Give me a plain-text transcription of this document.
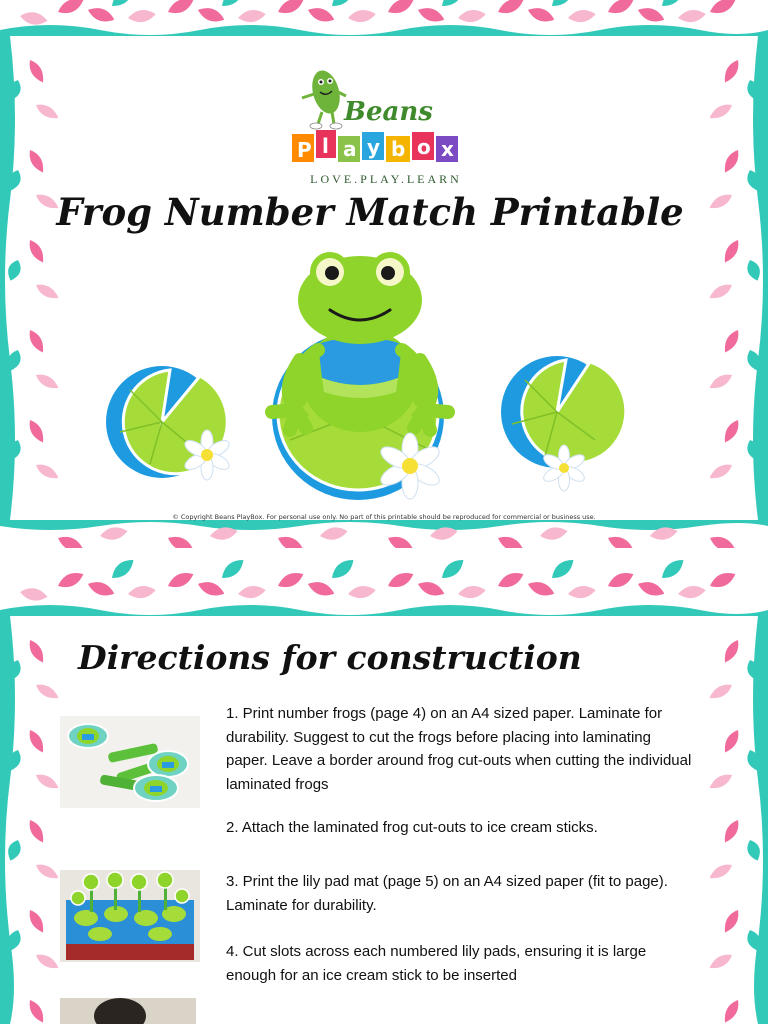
Beans
P l a y b o x
LOVE.PLAY.LEARN
Frog Number Match Printable
© Copyright Beans PlayBox. For personal use only. No part of this printable should be reproduced for commercial or business use.
Directions for construction
1. Print number frogs (page 4) on an A4 sized paper. Laminate for durability. Suggest to cut the frogs before placing into laminating paper. Leave a border around frog cut-outs when cutting the individual laminated frogs
2. Attach the laminated frog cut-outs to ice cream sticks.
3. Print the lily pad mat (page 5) on an A4 sized paper (fit to page). Laminate for durability.
4. Cut slots across each numbered lily pads, ensuring it is large enough for an ice cream stick to be inserted
